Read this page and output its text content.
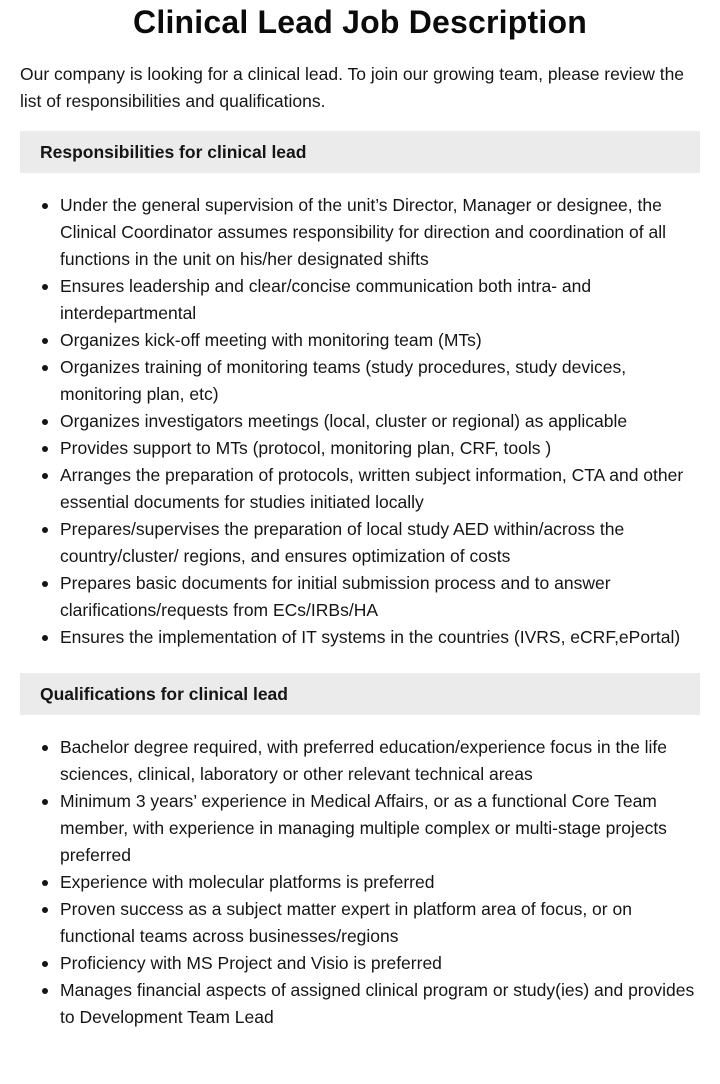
Clinical Lead Job Description

Our company is looking for a clinical lead. To join our growing team, please review the list of responsibilities and qualifications.

Responsibilities for clinical lead
Under the general supervision of the unit’s Director, Manager or designee, the Clinical Coordinator assumes responsibility for direction and coordination of all functions in the unit on his/her designated shifts
Ensures leadership and clear/concise communication both intra- and interdepartmental
Organizes kick-off meeting with monitoring team (MTs)
Organizes training of monitoring teams (study procedures, study devices, monitoring plan, etc)
Organizes investigators meetings (local, cluster or regional) as applicable
Provides support to MTs (protocol, monitoring plan, CRF, tools )
Arranges the preparation of protocols, written subject information, CTA and other essential documents for studies initiated locally
Prepares/supervises the preparation of local study AED within/across the country/cluster/ regions, and ensures optimization of costs
Prepares basic documents for initial submission process and to answer clarifications/requests from ECs/IRBs/HA
Ensures the implementation of IT systems in the countries (IVRS, eCRF,ePortal)
Qualifications for clinical lead
Bachelor degree required, with preferred education/experience focus in the life sciences, clinical, laboratory or other relevant technical areas
Minimum 3 years’ experience in Medical Affairs, or as a functional Core Team member, with experience in managing multiple complex or multi-stage projects preferred
Experience with molecular platforms is preferred
Proven success as a subject matter expert in platform area of focus, or on functional teams across businesses/regions
Proficiency with MS Project and Visio is preferred
Manages financial aspects of assigned clinical program or study(ies) and provides to Development Team Lead
